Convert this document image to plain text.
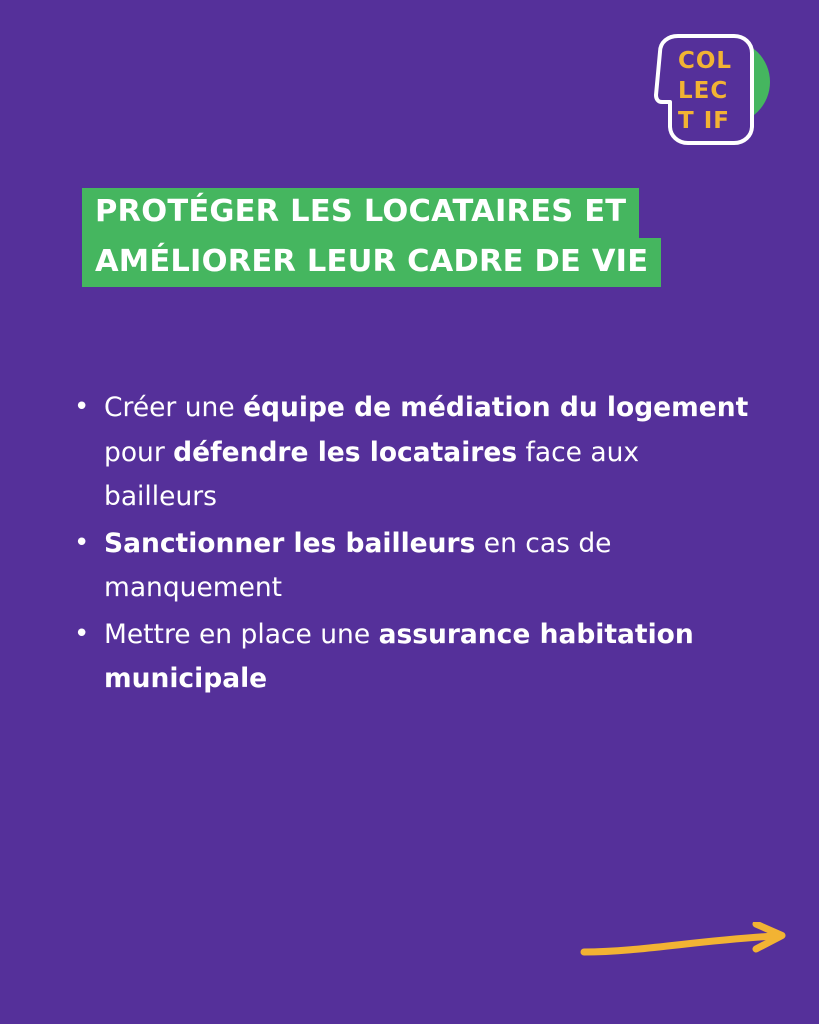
COL
LEC
T IF
PROTÉGER LES LOCATAIRES ET
AMÉLIORER LEUR CADRE DE VIE
• Créer une équipe de médiation du logement pour défendre les locataires face aux bailleurs
• Sanctionner les bailleurs en cas de manquement
• Mettre en place une assurance habitation municipale
